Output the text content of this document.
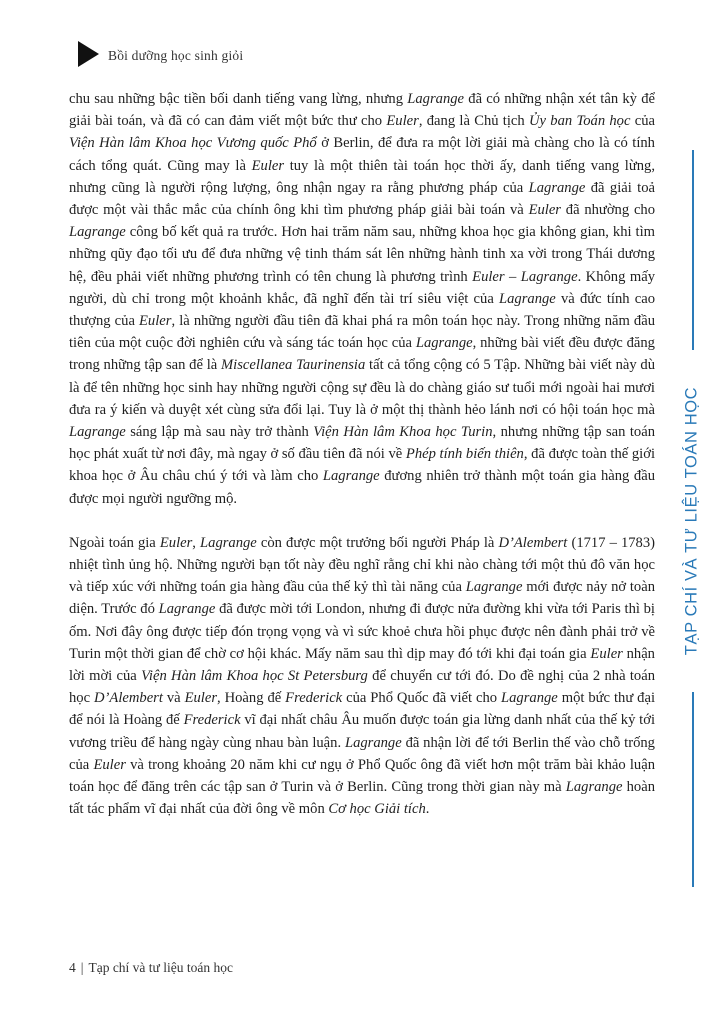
Bồi dưỡng học sinh giỏi

chu sau những bậc tiền bối danh tiếng vang lừng, nhưng Lagrange đã có những nhận xét tân kỳ để giải bài toán, và đã có can đảm viết một bức thư cho Euler, đang là Chủ tịch Ủy ban Toán học của Viện Hàn lâm Khoa học Vương quốc Phổ ở Berlin, để đưa ra một lời giải mà chàng cho là có tính cách tổng quát. Cũng may là Euler tuy là một thiên tài toán học thời ấy, danh tiếng vang lừng, nhưng cũng là người rộng lượng, ông nhận ngay ra rằng phương pháp của Lagrange đã giải toả được một vài thắc mắc của chính ông khi tìm phương pháp giải bài toán và Euler đã nhường cho Lagrange công bố kết quả ra trước. Hơn hai trăm năm sau, những khoa học gia không gian, khi tìm những qũy đạo tối ưu để đưa những vệ tinh thám sát lên những hành tinh xa vời trong Thái dương hệ, đều phải viết những phương trình có tên chung là phương trình Euler – Lagrange. Không mấy người, dù chỉ trong một khoảnh khắc, đã nghĩ đến tài trí siêu việt của Lagrange và đức tính cao thượng của Euler, là những người đầu tiên đã khai phá ra môn toán học này. Trong những năm đầu tiên của một cuộc đời nghiên cứu và sáng tác toán học của Lagrange, những bài viết đều được đăng trong những tập san để là Miscellanea Taurinensia tất cả tổng cộng có 5 Tập. Những bài viết này dù là để tên những học sinh hay những người cộng sự đều là do chàng giáo sư tuổi mới ngoài hai mươi đưa ra ý kiến và duyệt xét cùng sửa đổi lại. Tuy là ở một thị thành hẻo lánh nơi có hội toán học mà Lagrange sáng lập mà sau này trở thành Viện Hàn lâm Khoa học Turin, nhưng những tập san toán học phát xuất từ nơi đây, mà ngay ở số đầu tiên đã nói về Phép tính biến thiên, đã được toàn thế giới khoa học ở Âu châu chú ý tới và làm cho Lagrange đương nhiên trở thành một toán gia hàng đầu được mọi người ngưỡng mộ.

Ngoài toán gia Euler, Lagrange còn được một trưởng bối người Pháp là D’Alembert (1717 – 1783) nhiệt tình ủng hộ. Những người bạn tốt này đều nghĩ rằng chỉ khi nào chàng tới một thủ đô văn học và tiếp xúc với những toán gia hàng đầu của thế kỷ thì tài năng của Lagrange mới được nảy nở toàn diện. Trước đó Lagrange đã được mời tới London, nhưng đi được nửa đường khi vừa tới Paris thì bị ốm. Nơi đây ông được tiếp đón trọng vọng và vì sức khoẻ chưa hồi phục được nên đành phải trở về Turin một thời gian để chờ cơ hội khác. Mấy năm sau thì dịp may đó tới khi đại toán gia Euler nhận lời mời của Viện Hàn lâm Khoa học St Petersburg để chuyển cư tới đó. Do đề nghị của 2 nhà toán học D’Alembert và Euler, Hoàng đế Frederick của Phổ Quốc đã viết cho Lagrange một bức thư đại để nói là Hoàng đế Frederick vĩ đại nhất châu Âu muốn được toán gia lừng danh nhất của thế kỷ tới vương triều để hàng ngày cùng nhau bàn luận. Lagrange đã nhận lời để tới Berlin thế vào chỗ trống của Euler và trong khoảng 20 năm khi cư ngụ ở Phổ Quốc ông đã viết hơn một trăm bài khảo luận toán học để đăng trên các tập san ở Turin và ở Berlin. Cũng trong thời gian này mà Lagrange hoàn tất tác phẩm vĩ đại nhất của đời ông về môn Cơ học Giải tích.

TẠP CHÍ VÀ TƯ LIỆU TOÁN HỌC
4 | Tạp chí và tư liệu toán học
